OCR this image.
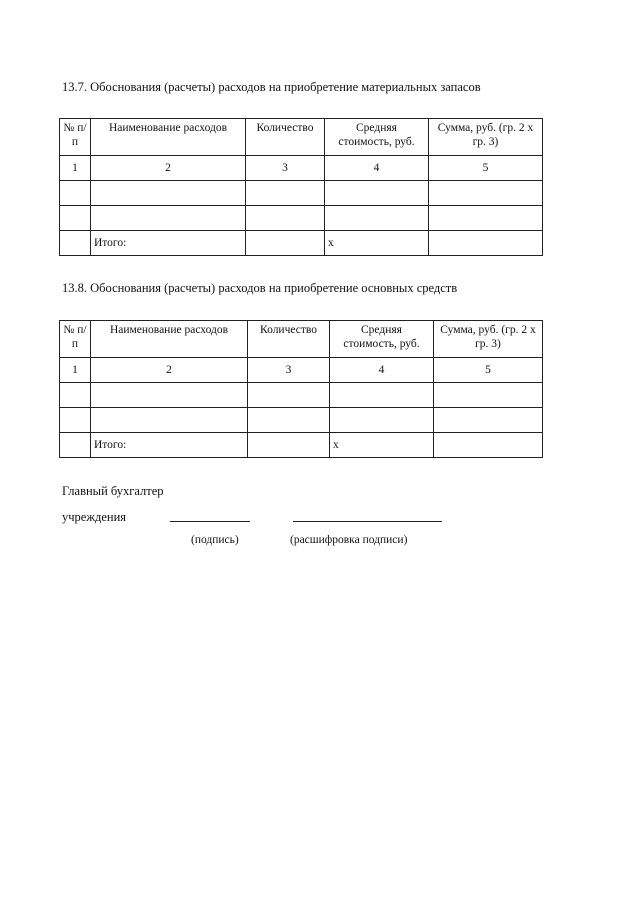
13.7. Обоснования (расчеты) расходов на приобретение материальных запасов
№ п/п	Наименование расходов	Количество	Средняя стоимость, руб.	Сумма, руб. (гр. 2 х гр. 3)
1	2	3	4	5

	Итого:		х	
13.8. Обоснования (расчеты) расходов на приобретение основных средств
№ п/п	Наименование расходов	Количество	Средняя стоимость, руб.	Сумма, руб. (гр. 2 х гр. 3)
1	2	3	4	5

	Итого:		х	
Главный бухгалтер
учреждения
(подпись)	(расшифровка подписи)
